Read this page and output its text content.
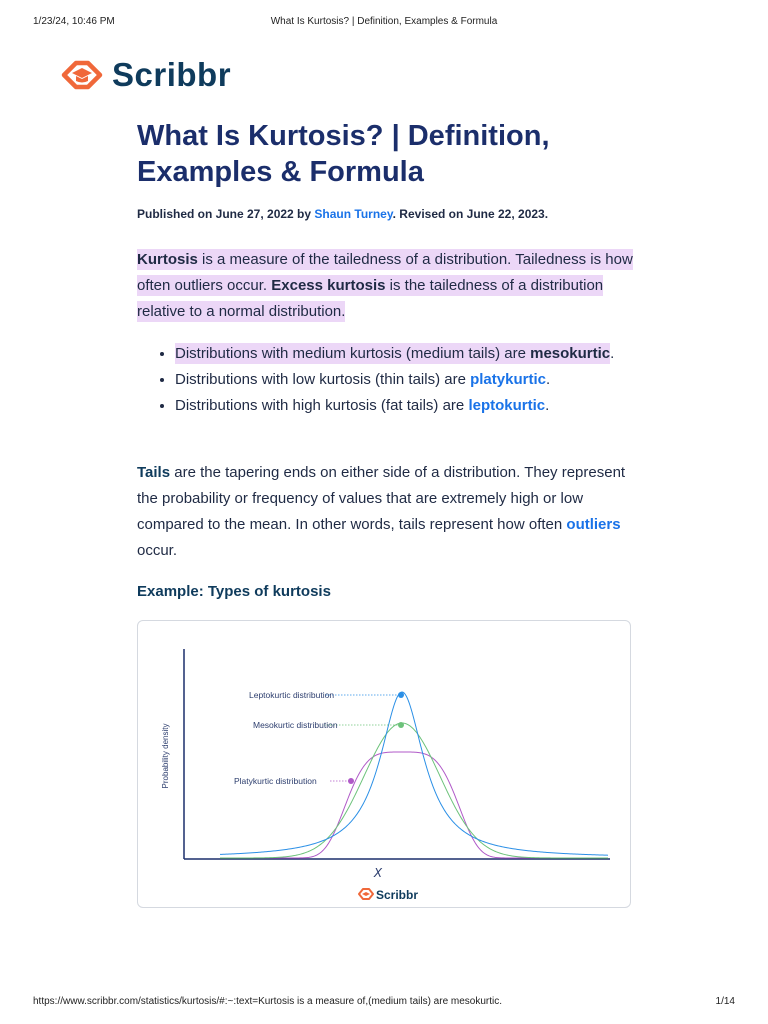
1/23/24, 10:46 PM	What Is Kurtosis? | Definition, Examples & Formula
Scribbr
What Is Kurtosis? | Definition, Examples & Formula
Published on June 27, 2022 by Shaun Turney. Revised on June 22, 2023.

Kurtosis is a measure of the tailedness of a distribution. Tailedness is how often outliers occur. Excess kurtosis is the tailedness of a distribution relative to a normal distribution.

• Distributions with medium kurtosis (medium tails) are mesokurtic.
• Distributions with low kurtosis (thin tails) are platykurtic.
• Distributions with high kurtosis (fat tails) are leptokurtic.

Tails are the tapering ends on either side of a distribution. They represent the probability or frequency of values that are extremely high or low compared to the mean. In other words, tails represent how often outliers occur.

Example: Types of kurtosis
Probability density
X
Leptokurtic distribution
Mesokurtic distribution
Platykurtic distribution
Scribbr
https://www.scribbr.com/statistics/kurtosis/#:~:text=Kurtosis is a measure of,(medium tails) are mesokurtic.	1/14
